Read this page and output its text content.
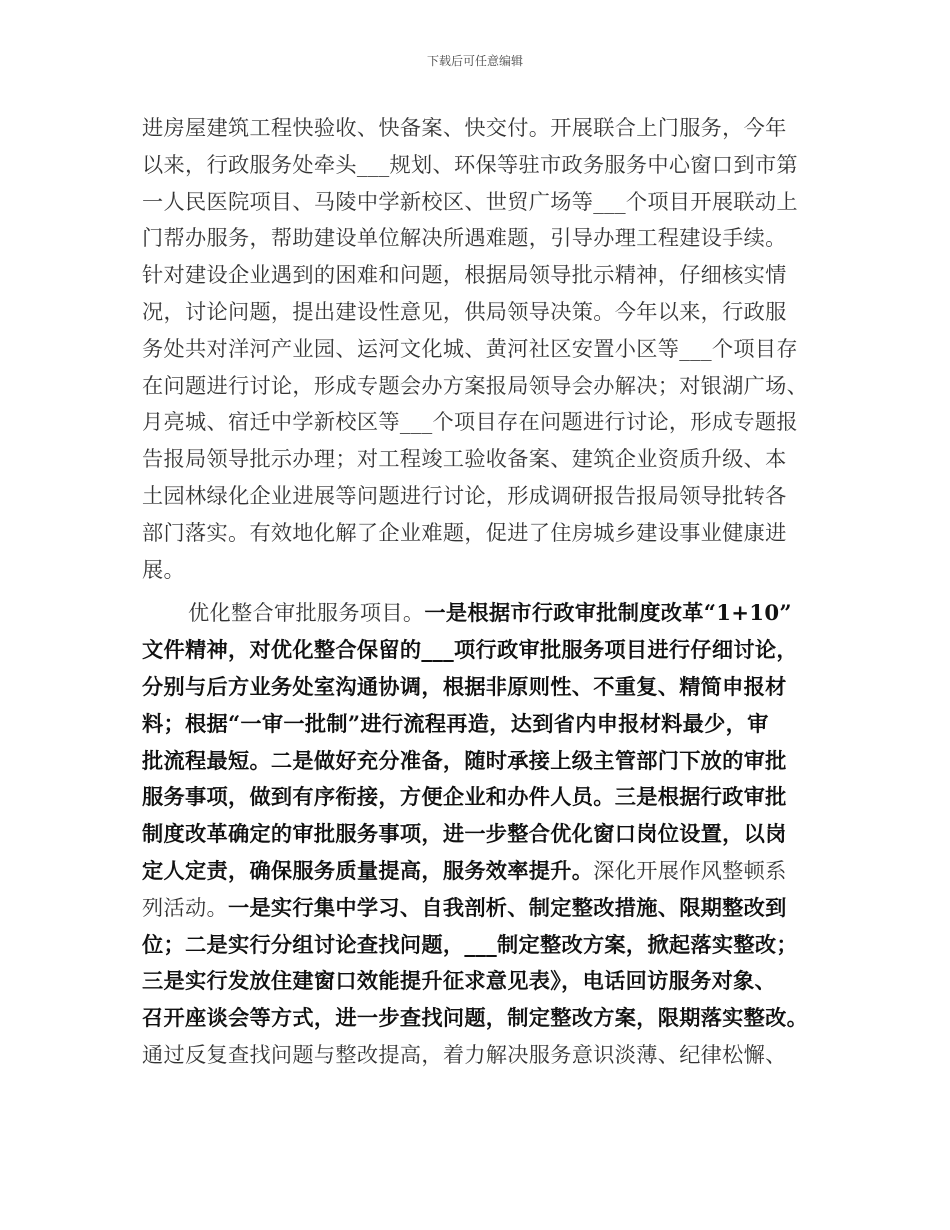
下载后可任意编辑
进房屋建筑工程快验收、快备案、快交付。开展联合上门服务，今年
以来，行政服务处牵头___规划、环保等驻市政务服务中心窗口到市第
一人民医院项目、马陵中学新校区、世贸广场等___个项目开展联动上
门帮办服务，帮助建设单位解决所遇难题，引导办理工程建设手续。
针对建设企业遇到的困难和问题，根据局领导批示精神，仔细核实情
况，讨论问题，提出建设性意见，供局领导决策。今年以来，行政服
务处共对洋河产业园、运河文化城、黄河社区安置小区等___个项目存
在问题进行讨论，形成专题会办方案报局领导会办解决；对银湖广场、
月亮城、宿迁中学新校区等___个项目存在问题进行讨论，形成专题报
告报局领导批示办理；对工程竣工验收备案、建筑企业资质升级、本
土园林绿化企业进展等问题进行讨论，形成调研报告报局领导批转各
部门落实。有效地化解了企业难题，促进了住房城乡建设事业健康进
展。
优化整合审批服务项目。一是根据市行政审批制度改革“1+10”
文件精神，对优化整合保留的___项行政审批服务项目进行仔细讨论，
分别与后方业务处室沟通协调，根据非原则性、不重复、精简申报材
料；根据“一审一批制”进行流程再造，达到省内申报材料最少，审
批流程最短。二是做好充分准备，随时承接上级主管部门下放的审批
服务事项，做到有序衔接，方便企业和办件人员。三是根据行政审批
制度改革确定的审批服务事项，进一步整合优化窗口岗位设置，以岗
定人定责，确保服务质量提高，服务效率提升。深化开展作风整顿系
列活动。一是实行集中学习、自我剖析、制定整改措施、限期整改到
位；二是实行分组讨论查找问题，___制定整改方案，掀起落实整改；
三是实行发放住建窗口效能提升征求意见表》，电话回访服务对象、
召开座谈会等方式，进一步查找问题，制定整改方案，限期落实整改。
通过反复查找问题与整改提高，着力解决服务意识淡薄、纪律松懈、
